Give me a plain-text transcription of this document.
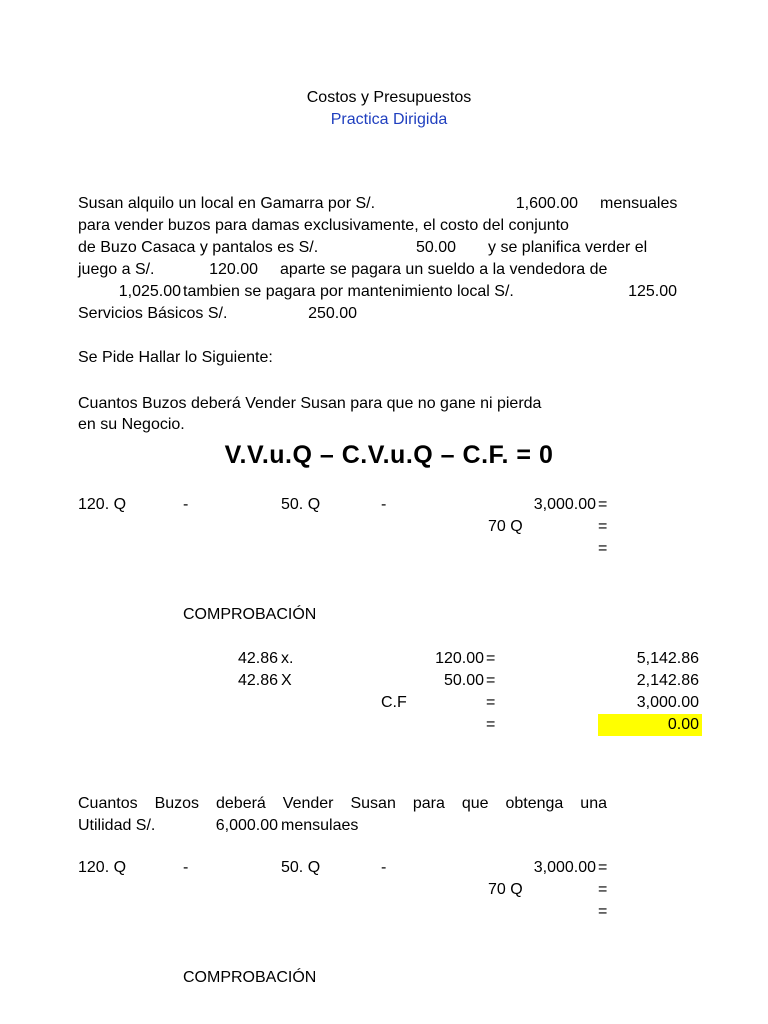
Costos y Presupuestos
Practica Dirigida
Susan alquilo un local en Gamarra por S/.	1,600.00 mensuales
para vender buzos para damas exclusivamente, el costo del conjunto
de Buzo Casaca y pantalos es S/.	50.00 y se planifica verder el
juego a S/.	120.00 aparte se pagara un sueldo a la vendedora de
1,025.00 tambien se pagara por mantenimiento local S/.	125.00
Servicios Básicos S/.	250.00
Se Pide Hallar lo Siguiente:
Cuantos Buzos deberá Vender Susan para que no gane ni pierda
en su Negocio.
V.V.u.Q – C.V.u.Q – C.F. = 0
120. Q	-	50. Q	-	3,000.00 =
70 Q	=
=
COMPROBACIÓN
42.86 x.	120.00 =	5,142.86
42.86 X	50.00 =	2,142.86
C.F	=	3,000.00
=	0.00
Cuantos Buzos deberá Vender Susan para que obtenga una
Utilidad S/.	6,000.00 mensulaes
120. Q	-	50. Q	-	3,000.00 =
70 Q	=
=
COMPROBACIÓN
